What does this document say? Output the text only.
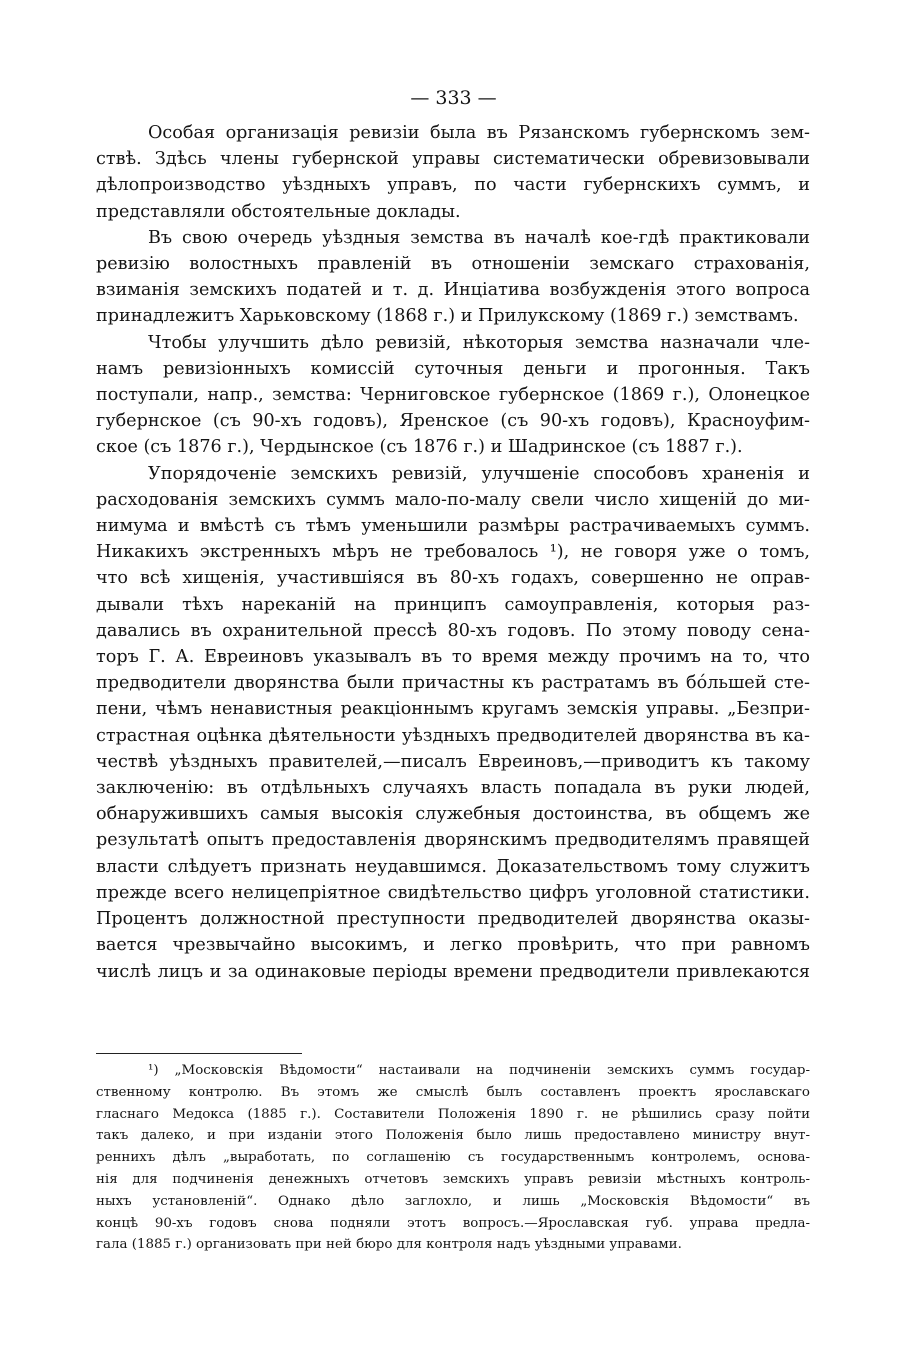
— 333 —
Особая организація ревизіи была въ Рязанскомъ губернскомъ зем-
ствѣ. Здѣсь члены губернской управы систематически обревизовывали
дѣлопроизводство уѣздныхъ управъ, по части губернскихъ суммъ, и
представляли обстоятельные доклады.
Въ свою очередь уѣздныя земства въ началѣ кое-гдѣ практиковали
ревизію волостныхъ правленій въ отношеніи земскаго страхованія,
взиманія земскихъ податей и т. д. Инціатива возбужденія этого вопроса
принадлежитъ Харьковскому (1868 г.) и Прилукскому (1869 г.) земствамъ.
Чтобы улучшить дѣло ревизій, нѣкоторыя земства назначали чле-
намъ ревизіонныхъ комиссій суточныя деньги и прогонныя. Такъ
поступали, напр., земства: Черниговское губернское (1869 г.), Олонецкое
губернское (съ 90-хъ годовъ), Яренское (съ 90-хъ годовъ), Красноуфим-
ское (съ 1876 г.), Чердынское (съ 1876 г.) и Шадринское (съ 1887 г.).
Упорядоченіе земскихъ ревизій, улучшеніе способовъ храненія и
расходованія земскихъ суммъ мало-по-малу свели число хищеній до ми-
нимума и вмѣстѣ съ тѣмъ уменьшили размѣры растрачиваемыхъ суммъ.
Никакихъ экстренныхъ мѣръ не требовалось ¹), не говоря уже о томъ,
что всѣ хищенія, участившіяся въ 80-хъ годахъ, совершенно не оправ-
дывали тѣхъ нареканій на принципъ самоуправленія, которыя раз-
давались въ охранительной прессѣ 80-хъ годовъ. По этому поводу сена-
торъ Г. А. Евреиновъ указывалъ въ то время между прочимъ на то, что
предводители дворянства были причастны къ растратамъ въ бо́льшей сте-
пени, чѣмъ ненавистныя реакціоннымъ кругамъ земскія управы. „Безпри-
страстная оцѣнка дѣятельности уѣздныхъ предводителей дворянства въ ка-
чествѣ уѣздныхъ правителей,—писалъ Евреиновъ,—приводитъ къ такому
заключенію: въ отдѣльныхъ случаяхъ власть попадала въ руки людей,
обнаружившихъ самыя высокія служебныя достоинства, въ общемъ же
результатѣ опытъ предоставленія дворянскимъ предводителямъ правящей
власти слѣдуетъ признать неудавшимся. Доказательствомъ тому служитъ
прежде всего нелицепріятное свидѣтельство цифръ уголовной статистики.
Процентъ должностной преступности предводителей дворянства оказы-
вается чрезвычайно высокимъ, и легко провѣрить, что при равномъ
числѣ лицъ и за одинаковые періоды времени предводители привлекаются
¹) „Московскія Вѣдомости“ настаивали на подчиненіи земскихъ суммъ государ-
ственному контролю. Въ этомъ же смыслѣ былъ составленъ проектъ ярославскаго
гласнаго Медокса (1885 г.). Составители Положенія 1890 г. не рѣшились сразу пойти
такъ далеко, и при изданіи этого Положенія было лишь предоставлено министру внут-
реннихъ дѣлъ „выработать, по соглашенію съ государственнымъ контролемъ, основа-
нія для подчиненія денежныхъ отчетовъ земскихъ управъ ревизіи мѣстныхъ контроль-
ныхъ установленій“. Однако дѣло заглохло, и лишь „Московскія Вѣдомости“ въ
концѣ 90-хъ годовъ снова подняли этотъ вопросъ.—Ярославская губ. управа предла-
гала (1885 г.) организовать при ней бюро для контроля надъ уѣздными управами.
